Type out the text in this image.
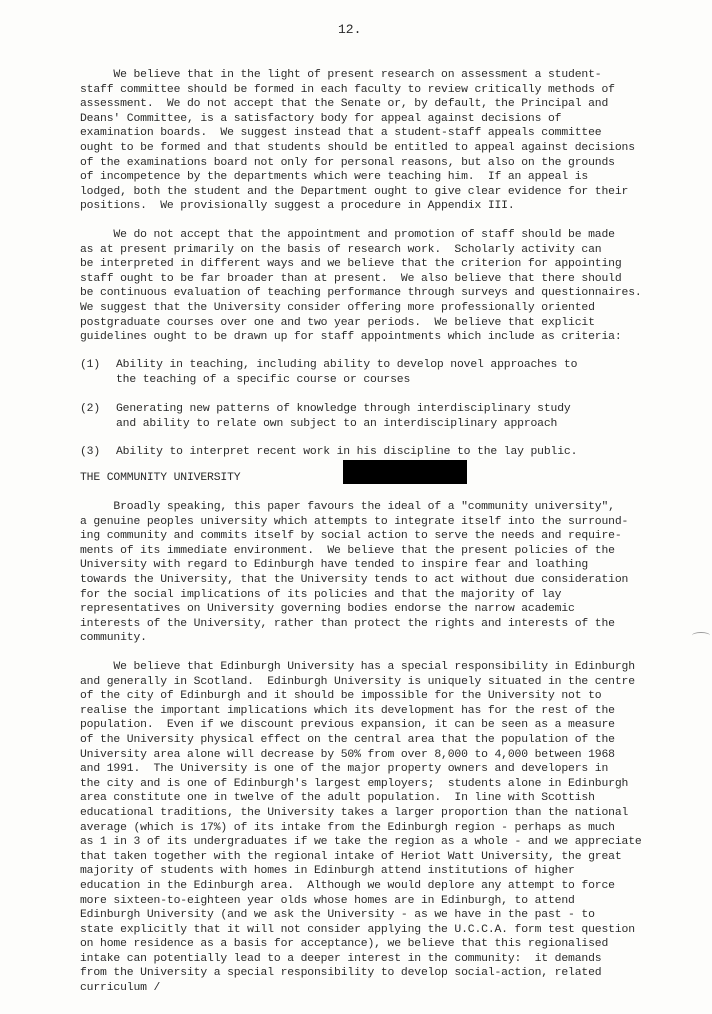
12.
We believe that in the light of present research on assessment a student-
staff committee should be formed in each faculty to review critically methods of
assessment.  We do not accept that the Senate or, by default, the Principal and
Deans' Committee, is a satisfactory body for appeal against decisions of
examination boards.  We suggest instead that a student-staff appeals committee
ought to be formed and that students should be entitled to appeal against decisions
of the examinations board not only for personal reasons, but also on the grounds
of incompetence by the departments which were teaching him.  If an appeal is
lodged, both the student and the Department ought to give clear evidence for their
positions.  We provisionally suggest a procedure in Appendix III.
We do not accept that the appointment and promotion of staff should be made
as at present primarily on the basis of research work.  Scholarly activity can
be interpreted in different ways and we believe that the criterion for appointing
staff ought to be far broader than at present.  We also believe that there should
be continuous evaluation of teaching performance through surveys and questionnaires.
We suggest that the University consider offering more professionally oriented
postgraduate courses over one and two year periods.  We believe that explicit
guidelines ought to be drawn up for staff appointments which include as criteria:
(1)	Ability in teaching, including ability to develop novel approaches to
the teaching of a specific course or courses
(2)	Generating new patterns of knowledge through interdisciplinary study
and ability to relate own subject to an interdisciplinary approach
(3)	Ability to interpret recent work in his discipline to the lay public.
THE COMMUNITY UNIVERSITY
Broadly speaking, this paper favours the ideal of a "community university",
a genuine peoples university which attempts to integrate itself into the surround-
ing community and commits itself by social action to serve the needs and require-
ments of its immediate environment.  We believe that the present policies of the
University with regard to Edinburgh have tended to inspire fear and loathing
towards the University, that the University tends to act without due consideration
for the social implications of its policies and that the majority of lay
representatives on University governing bodies endorse the narrow academic
interests of the University, rather than protect the rights and interests of the
community.
We believe that Edinburgh University has a special responsibility in Edinburgh
and generally in Scotland.  Edinburgh University is uniquely situated in the centre
of the city of Edinburgh and it should be impossible for the University not to
realise the important implications which its development has for the rest of the
population.  Even if we discount previous expansion, it can be seen as a measure
of the University physical effect on the central area that the population of the
University area alone will decrease by 50% from over 8,000 to 4,000 between 1968
and 1991.  The University is one of the major property owners and developers in
the city and is one of Edinburgh's largest employers;  students alone in Edinburgh
area constitute one in twelve of the adult population.  In line with Scottish
educational traditions, the University takes a larger proportion than the national
average (which is 17%) of its intake from the Edinburgh region - perhaps as much
as 1 in 3 of its undergraduates if we take the region as a whole - and we appreciate
that taken together with the regional intake of Heriot Watt University, the great
majority of students with homes in Edinburgh attend institutions of higher
education in the Edinburgh area.  Although we would deplore any attempt to force
more sixteen-to-eighteen year olds whose homes are in Edinburgh, to attend
Edinburgh University (and we ask the University - as we have in the past - to
state explicitly that it will not consider applying the U.C.C.A. form test question
on home residence as a basis for acceptance), we believe that this regionalised
intake can potentially lead to a deeper interest in the community:  it demands
from the University a special responsibility to develop social-action, related
curriculum /
